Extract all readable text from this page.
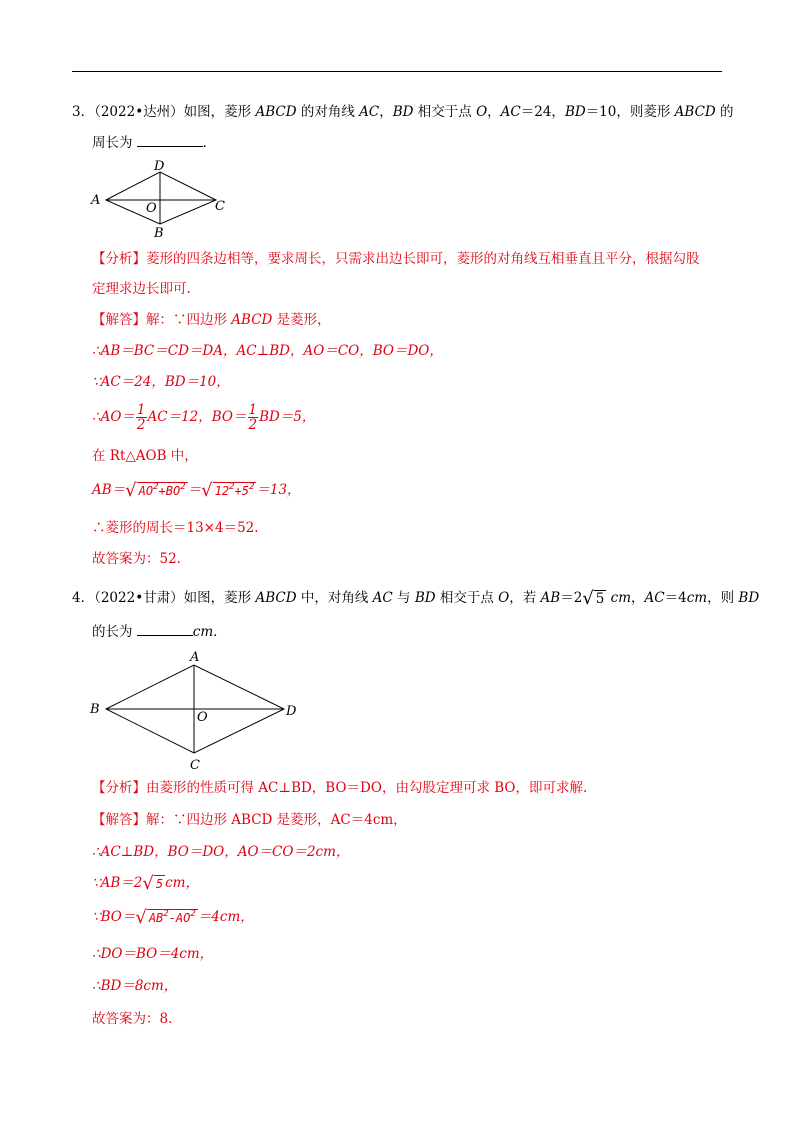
3．（2022•达州）如图，菱形 ABCD 的对角线 AC，BD 相交于点 O，AC＝24，BD＝10，则菱形 ABCD 的
周长为	．
D
A
O	C
B
【分析】菱形的四条边相等，要求周长，只需求出边长即可，菱形的对角线互相垂直且平分，根据勾股
定理求边长即可.
【解答】解：∵四边形 ABCD 是菱形，
∴AB＝BC＝CD＝DA，AC⊥BD，AO＝CO，BO＝DO，
∵AC＝24，BD＝10，
∴AO＝ $\frac{1}{2} AC=12$，$BO= \frac{1}{2} BD=5$，
在 Rt△AOB 中，
AB＝√ $AO^2+BO^2$ ＝√ $12^2+5^2 =13$，
∴菱形的周长＝13×4＝52.
故答案为：52.
4．（2022•甘肃）如图，菱形 ABCD 中，对角线 AC 与 BD 相交于点 O，若 AB＝2√ 5 cm，AC＝4cm，则 BD
的长为	cm．
A
B
O	D
C
【分析】由菱形的性质可得 AC⊥BD，BO＝DO，由勾股定理可求 BO，即可求解.
【解答】解：∵四边形 ABCD 是菱形，AC＝4cm，
∴AC⊥BD，BO＝DO，AO＝CO＝2cm，
∵AB＝2√ 5 cm，
∵BO＝√ $AB^2-AO^2 =4cm$，
∴DO＝BO＝4cm，
∴BD＝8cm，
故答案为：8.
